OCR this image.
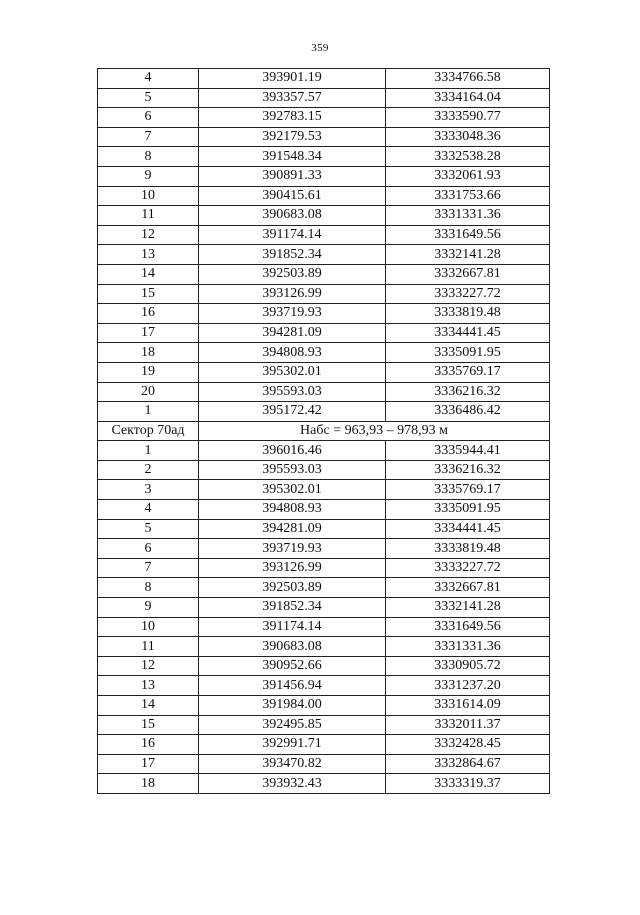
359
4	393901.19	3334766.58
5	393357.57	3334164.04
6	392783.15	3333590.77
7	392179.53	3333048.36
8	391548.34	3332538.28
9	390891.33	3332061.93
10	390415.61	3331753.66
11	390683.08	3331331.36
12	391174.14	3331649.56
13	391852.34	3332141.28
14	392503.89	3332667.81
15	393126.99	3333227.72
16	393719.93	3333819.48
17	394281.09	3334441.45
18	394808.93	3335091.95
19	395302.01	3335769.17
20	395593.03	3336216.32
1	395172.42	3336486.42
Сектор 70ад	Набс = 963,93 – 978,93 м	
1	396016.46	3335944.41
2	395593.03	3336216.32
3	395302.01	3335769.17
4	394808.93	3335091.95
5	394281.09	3334441.45
6	393719.93	3333819.48
7	393126.99	3333227.72
8	392503.89	3332667.81
9	391852.34	3332141.28
10	391174.14	3331649.56
11	390683.08	3331331.36
12	390952.66	3330905.72
13	391456.94	3331237.20
14	391984.00	3331614.09
15	392495.85	3332011.37
16	392991.71	3332428.45
17	393470.82	3332864.67
18	393932.43	3333319.37
